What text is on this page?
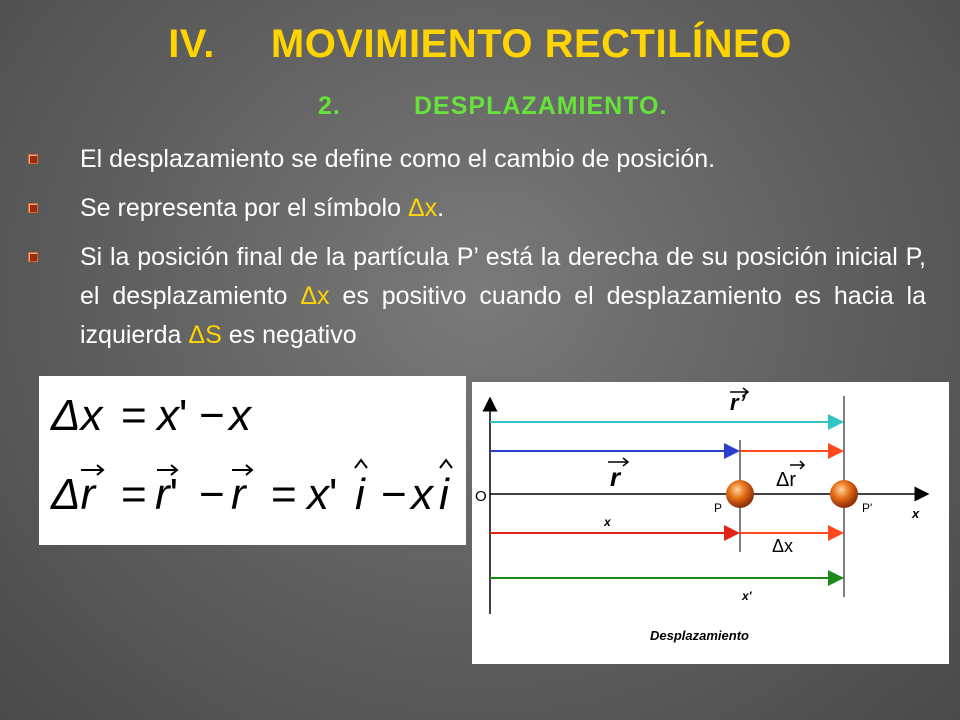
IV. MOVIMIENTO RECTILÍNEO
2.	DESPLAZAMIENTO.
El desplazamiento se define como el cambio de posición.
Se representa por el símbolo Δx.
Si la posición final de la partícula P’ está la derecha de su posición inicial P, el desplazamiento Δx es positivo cuando el desplazamiento es hacia la izquierda ΔS es negativo
Δx = x' − x
Δr = r' − r = x' i − x i
r’
r	Δr
O
x
P	P'
x
Δx
x'
Desplazamiento
